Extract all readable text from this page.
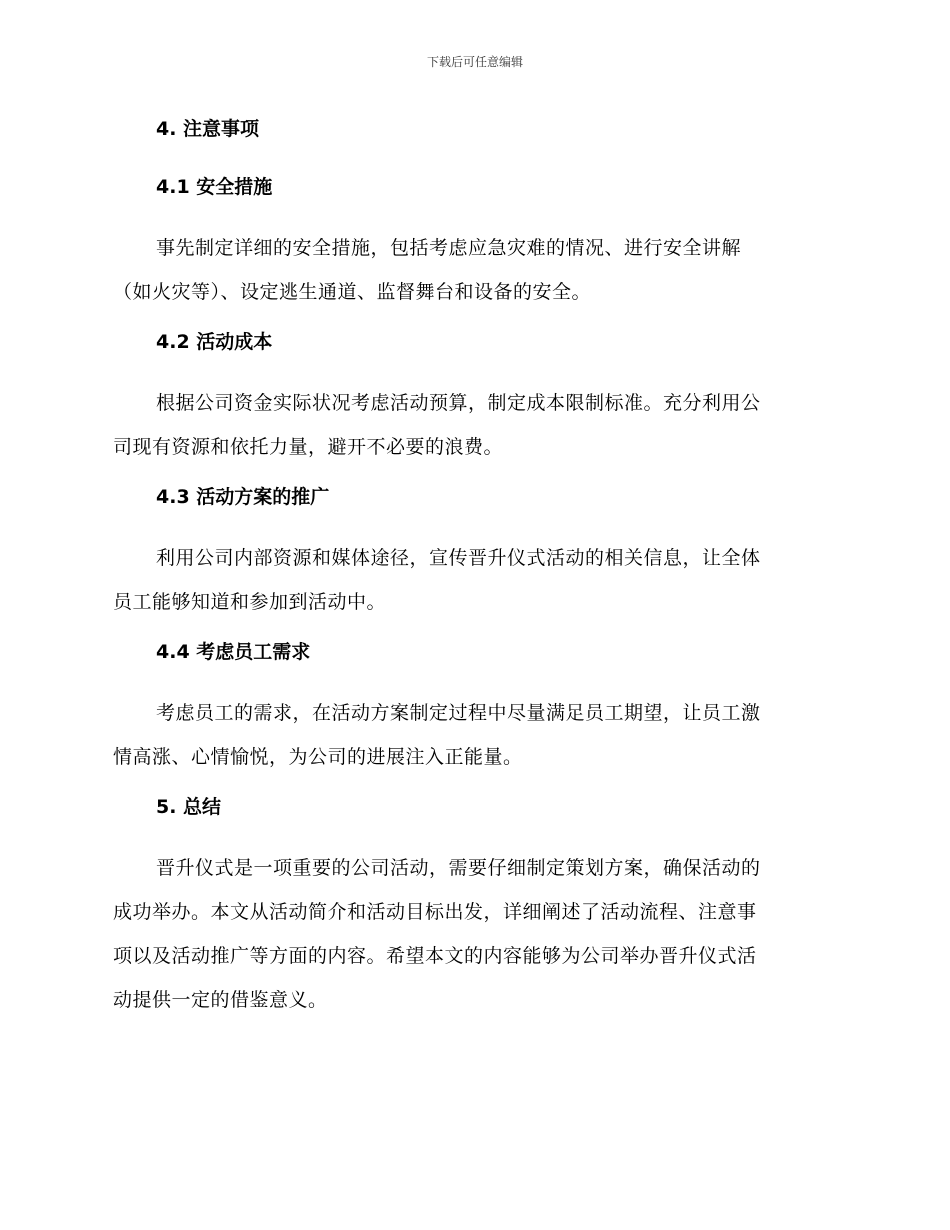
下载后可任意编辑
4. 注意事项
4.1 安全措施
事先制定详细的安全措施，包括考虑应急灾难的情况、进行安全讲解
（如火灾等）、设定逃生通道、监督舞台和设备的安全。
4.2 活动成本
根据公司资金实际状况考虑活动预算，制定成本限制标准。充分利用公
司现有资源和依托力量，避开不必要的浪费。
4.3 活动方案的推广
利用公司内部资源和媒体途径，宣传晋升仪式活动的相关信息，让全体
员工能够知道和参加到活动中。
4.4 考虑员工需求
考虑员工的需求，在活动方案制定过程中尽量满足员工期望，让员工激
情高涨、心情愉悦，为公司的进展注入正能量。
5. 总结
晋升仪式是一项重要的公司活动，需要仔细制定策划方案，确保活动的
成功举办。本文从活动简介和活动目标出发，详细阐述了活动流程、注意事
项以及活动推广等方面的内容。希望本文的内容能够为公司举办晋升仪式活
动提供一定的借鉴意义。
